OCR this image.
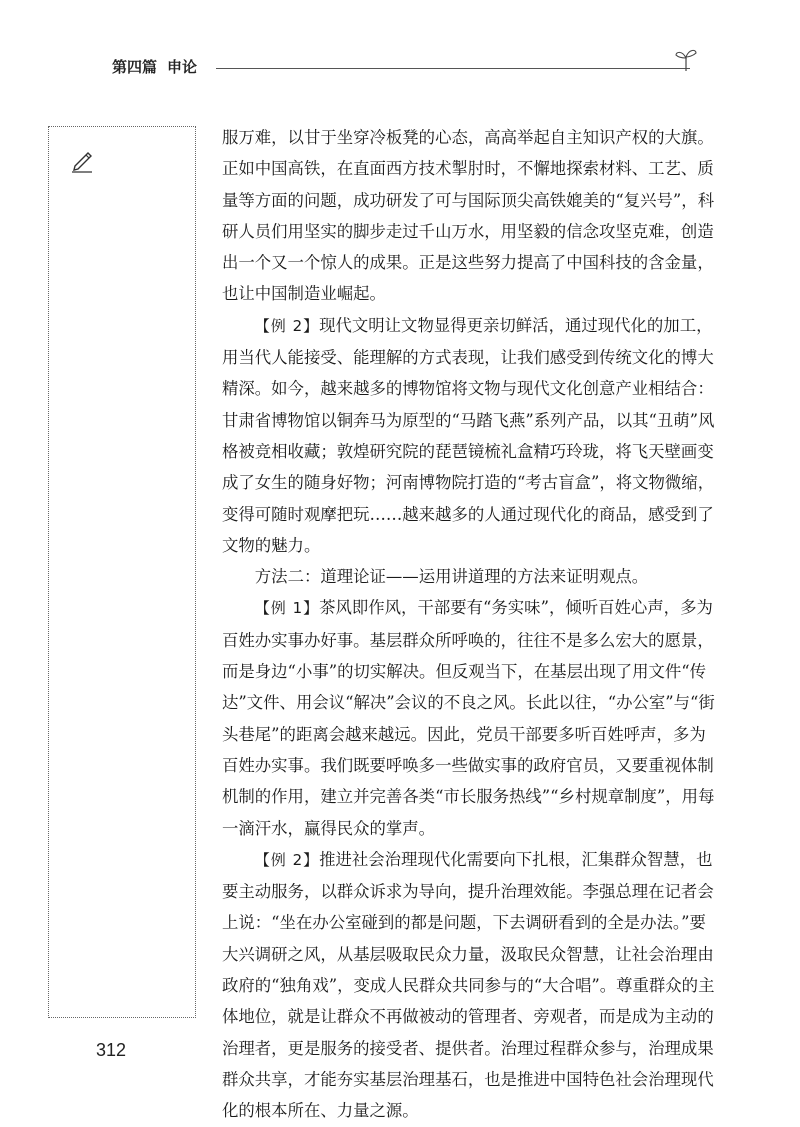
第四篇 申论

服万难，以甘于坐穿冷板凳的心态，高高举起自主知识产权的大旗。正如中国高铁，在直面西方技术掣肘时，不懈地探索材料、工艺、质量等方面的问题，成功研发了可与国际顶尖高铁媲美的“复兴号”，科研人员们用坚实的脚步走过千山万水，用坚毅的信念攻坚克难，创造出一个又一个惊人的成果。正是这些努力提高了中国科技的含金量，也让中国制造业崛起。

【例 2】现代文明让文物显得更亲切鲜活，通过现代化的加工，用当代人能接受、能理解的方式表现，让我们感受到传统文化的博大精深。如今，越来越多的博物馆将文物与现代文化创意产业相结合：甘肃省博物馆以铜奔马为原型的“马踏飞燕”系列产品，以其“丑萌”风格被竞相收藏；敦煌研究院的琵琶镜梳礼盒精巧玲珑，将飞天壁画变成了女生的随身好物；河南博物院打造的“考古盲盒”，将文物微缩，变得可随时观摩把玩……越来越多的人通过现代化的商品，感受到了文物的魅力。

方法二：道理论证——运用讲道理的方法来证明观点。

【例 1】茶风即作风，干部要有“务实味”，倾听百姓心声，多为百姓办实事办好事。基层群众所呼唤的，往往不是多么宏大的愿景，而是身边“小事”的切实解决。但反观当下，在基层出现了用文件“传达”文件、用会议“解决”会议的不良之风。长此以往，“办公室”与“街头巷尾”的距离会越来越远。因此，党员干部要多听百姓呼声，多为百姓办实事。我们既要呼唤多一些做实事的政府官员，又要重视体制机制的作用，建立并完善各类“市长服务热线”“乡村规章制度”，用每一滴汗水，赢得民众的掌声。

【例 2】推进社会治理现代化需要向下扎根，汇集群众智慧，也要主动服务，以群众诉求为导向，提升治理效能。李强总理在记者会上说：“坐在办公室碰到的都是问题，下去调研看到的全是办法。”要大兴调研之风，从基层吸取民众力量，汲取民众智慧，让社会治理由政府的“独角戏”，变成人民群众共同参与的“大合唱”。尊重群众的主体地位，就是让群众不再做被动的管理者、旁观者，而是成为主动的治理者，更是服务的接受者、提供者。治理过程群众参与，治理成果群众共享，才能夯实基层治理基石，也是推进中国特色社会治理现代化的根本所在、力量之源。

312
